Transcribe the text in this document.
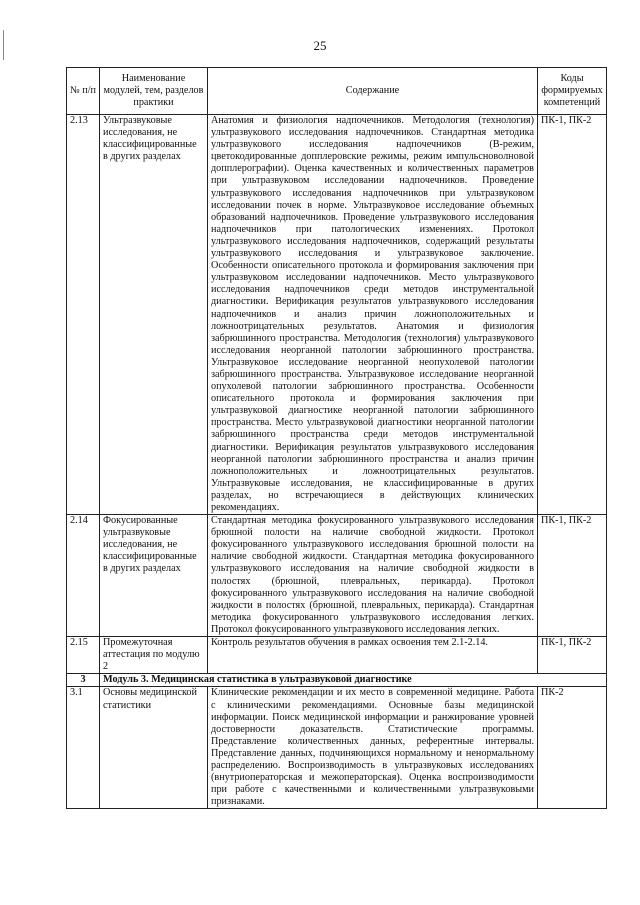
25
№ п/п	Наименование модулей, тем, разделов практики	Содержание	Коды формируемых компетенций
2.13	Ультразвуковые исследования, не классифицированные в других разделах	Анатомия и физиология надпочечников. Методология (технология) ультразвукового исследования надпочечников. Стандартная методика ультразвукового исследования надпочечников (В-режим, цветокодированные допплеровские режимы, режим импульсноволновой допплерографии). Оценка качественных и количественных параметров при ультразвуковом исследовании надпочечников. Проведение ультразвукового исследования надпочечников при ультразвуковом исследовании почек в норме. Ультразвуковое исследование объемных образований надпочечников. Проведение ультразвукового исследования надпочечников при патологических изменениях. Протокол ультразвукового исследования надпочечников, содержащий результаты ультразвукового исследования и ультразвуковое заключение. Особенности описательного протокола и формирования заключения при ультразвуковом исследовании надпочечников. Место ультразвукового исследования надпочечников среди методов инструментальной диагностики. Верификация результатов ультразвукового исследования надпочечников и анализ причин ложноположительных и ложноотрицательных результатов. Анатомия и физиология забрюшинного пространства. Методология (технология) ультразвукового исследования неорганной патологии забрюшинного пространства. Ультразвуковое исследование неорганной неопухолевой патологии забрюшинного пространства. Ультразвуковое исследование неорганной опухолевой патологии забрюшинного пространства. Особенности описательного протокола и формирования заключения при ультразвуковой диагностике неорганной патологии забрюшинного пространства. Место ультразвуковой диагностики неорганной патологии забрюшинного пространства среди методов инструментальной диагностики. Верификация результатов ультразвукового исследования неорганной патологии забрюшинного пространства и анализ причин ложноположительных и ложноотрицательных результатов. Ультразвуковые исследования, не классифицированные в других разделах, но встречающиеся в действующих клинических рекомендациях.	ПК-1, ПК-2
2.14	Фокусированные ультразвуковые исследования, не классифицированные в других разделах	Стандартная методика фокусированного ультразвукового исследования брюшной полости на наличие свободной жидкости. Протокол фокусированного ультразвукового исследования брюшной полости на наличие свободной жидкости. Стандартная методика фокусированного ультразвукового исследования на наличие свободной жидкости в полостях (брюшной, плевральных, перикарда). Протокол фокусированного ультразвукового исследования на наличие свободной жидкости в полостях (брюшной, плевральных, перикарда). Стандартная методика фокусированного ультразвукового исследования легких. Протокол фокусированного ультразвукового исследования легких.	ПК-1, ПК-2
2.15	Промежуточная аттестация по модулю 2	Контроль результатов обучения в рамках освоения тем 2.1-2.14.	ПК-1, ПК-2
3	Модуль 3. Медицинская статистика в ультразвуковой диагностике		
3.1	Основы медицинской статистики	Клинические рекомендации и их место в современной медицине. Работа с клиническими рекомендациями. Основные базы медицинской информации. Поиск медицинской информации и ранжирование уровней достоверности доказательств. Статистические программы. Представление количественных данных, референтные интервалы. Представление данных, подчиняющихся нормальному и ненормальному распределению. Воспроизводимость в ультразвуковых исследованиях (внутриоператорская и межоператорская). Оценка воспроизводимости при работе с качественными и количественными ультразвуковыми признаками.	ПК-2
